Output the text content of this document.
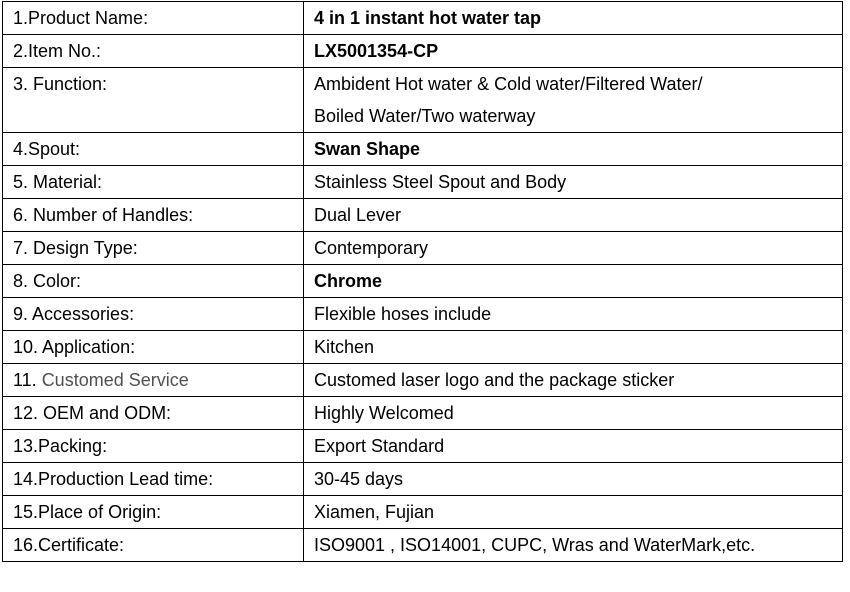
1.Product Name:	4 in 1 instant hot water tap
2.Item No.:	LX5001354-CP
3. Function:	Ambident Hot water & Cold water/Filtered Water/
Boiled Water/Two waterway

4.Spout:	Swan Shape
5. Material:	Stainless Steel Spout and Body
6. Number of Handles:	Dual Lever
7. Design Type:	Contemporary
8. Color:	Chrome
9. Accessories:	Flexible hoses include
10. Application:	Kitchen
11. Customed Service	Customed laser logo and the package sticker
12. OEM and ODM:	Highly Welcomed
13.Packing:	Export Standard
14.Production Lead time:	30-45 days
15.Place of Origin:	Xiamen, Fujian
16.Certificate:	ISO9001 , ISO14001, CUPC, Wras and WaterMark,etc.
